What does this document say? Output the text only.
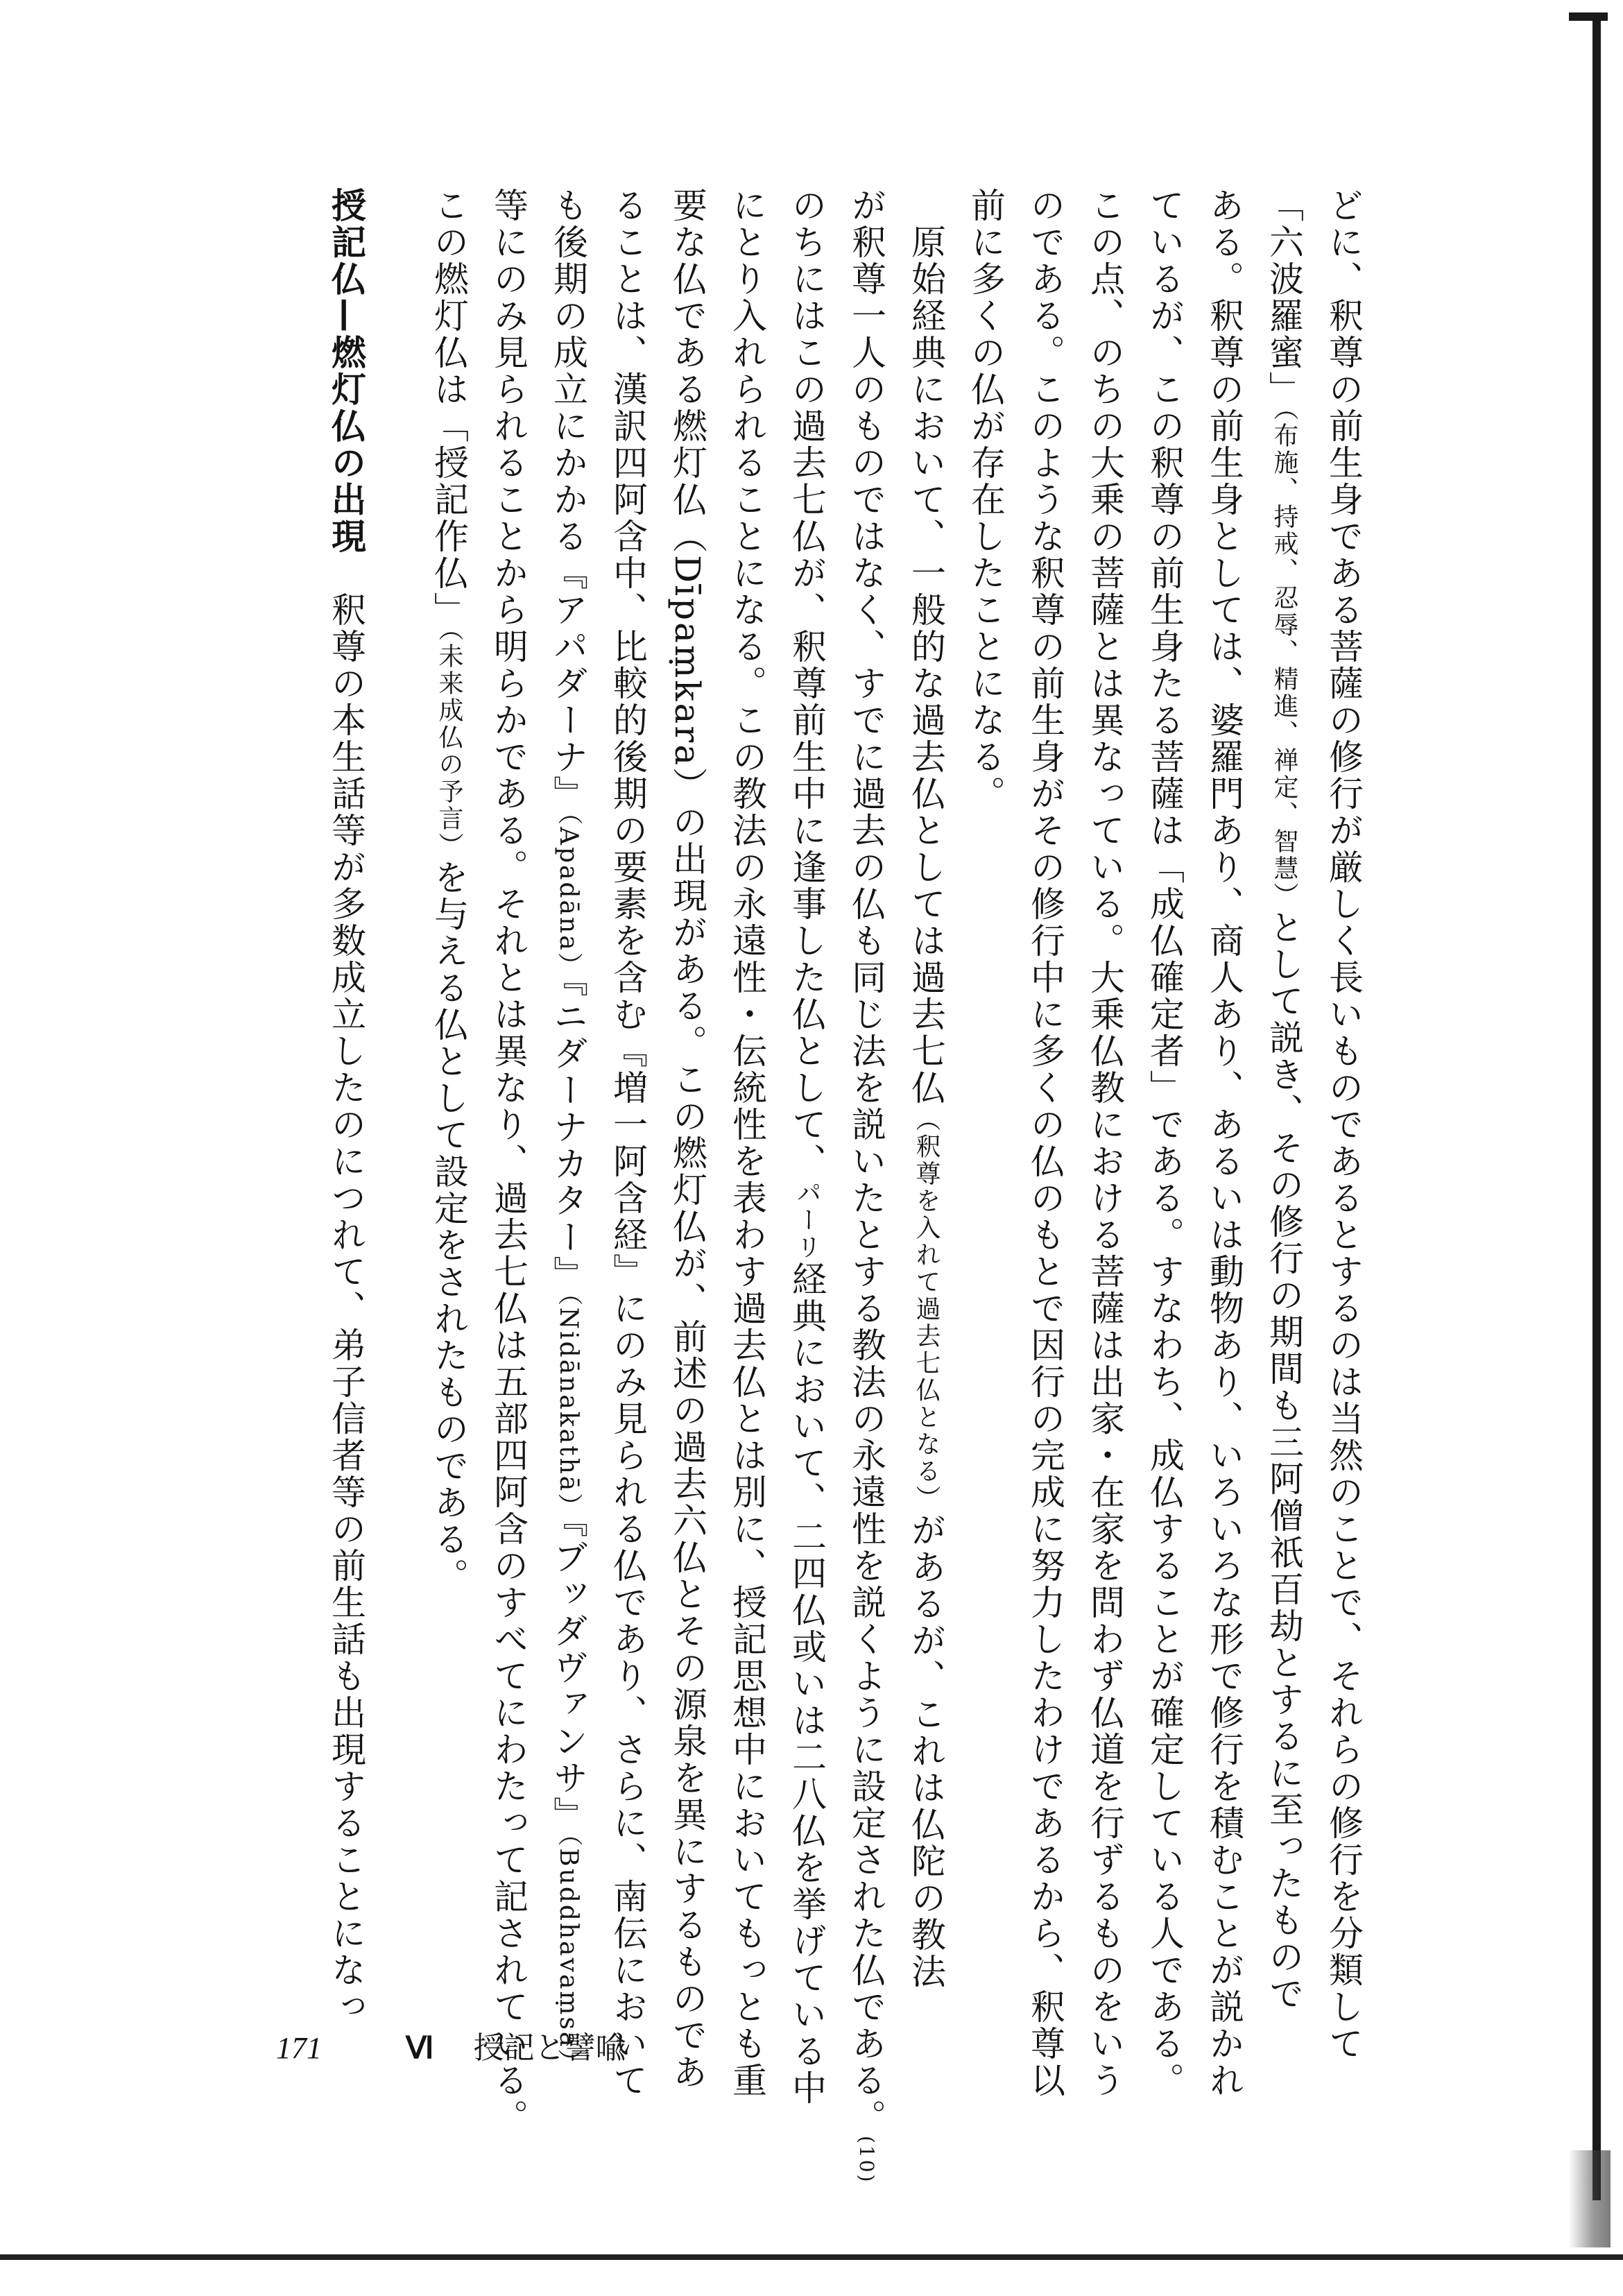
どに、釈尊の前生身である菩薩の修行が厳しく長いものであるとするのは当然のことで、それらの修行を分類して
「六波羅蜜」（布施、持戒、忍辱、精進、禅定、智慧）として説き、その修行の期間も三阿僧祇百劫とするに至ったもので
ある。釈尊の前生身としては、婆羅門あり、商人あり、あるいは動物あり、いろいろな形で修行を積むことが説かれ
ているが、この釈尊の前生身たる菩薩は「成仏確定者」である。すなわち、成仏することが確定している人である。
この点、のちの大乗の菩薩とは異なっている。大乗仏教における菩薩は出家・在家を問わず仏道を行ずるものをいう
のである。このような釈尊の前生身がその修行中に多くの仏のもとで因行の完成に努力したわけであるから、釈尊以
前に多くの仏が存在したことになる。
　原始経典において、一般的な過去仏としては過去七仏（釈尊を入れて過去七仏となる）があるが、これは仏陀の教法
が釈尊一人のものではなく、すでに過去の仏も同じ法を説いたとする教法の永遠性を説くように設定された仏である。(10)
のちにはこの過去七仏が、釈尊前生中に逢事した仏として、パーリ経典において、二四仏或いは二八仏を挙げている中
にとり入れられることになる。この教法の永遠性・伝統性を表わす過去仏とは別に、授記思想中においてもっとも重
要な仏である燃灯仏（Dīpaṃkara）の出現がある。この燃灯仏が、前述の過去六仏とその源泉を異にするものであ
ることは、漢訳四阿含中、比較的後期の要素を含む『増一阿含経』にのみ見られる仏であり、さらに、南伝において
も後期の成立にかかる『アパダーナ』（Apadāna）『ニダーナカター』（Nidānakathā）『ブッダヴァンサ』（Buddhavaṃsa）
等にのみ見られることから明らかである。それとは異なり、過去七仏は五部四阿含のすべてにわたって記されている。
この燃灯仏は「授記作仏」（未来成仏の予言）を与える仏として設定をされたものである。
授記仏—燃灯仏の出現　釈尊の本生話等が多数成立したのにつれて、弟子信者等の前生話も出現することになっ
171	Ⅵ 授記と譬喩
